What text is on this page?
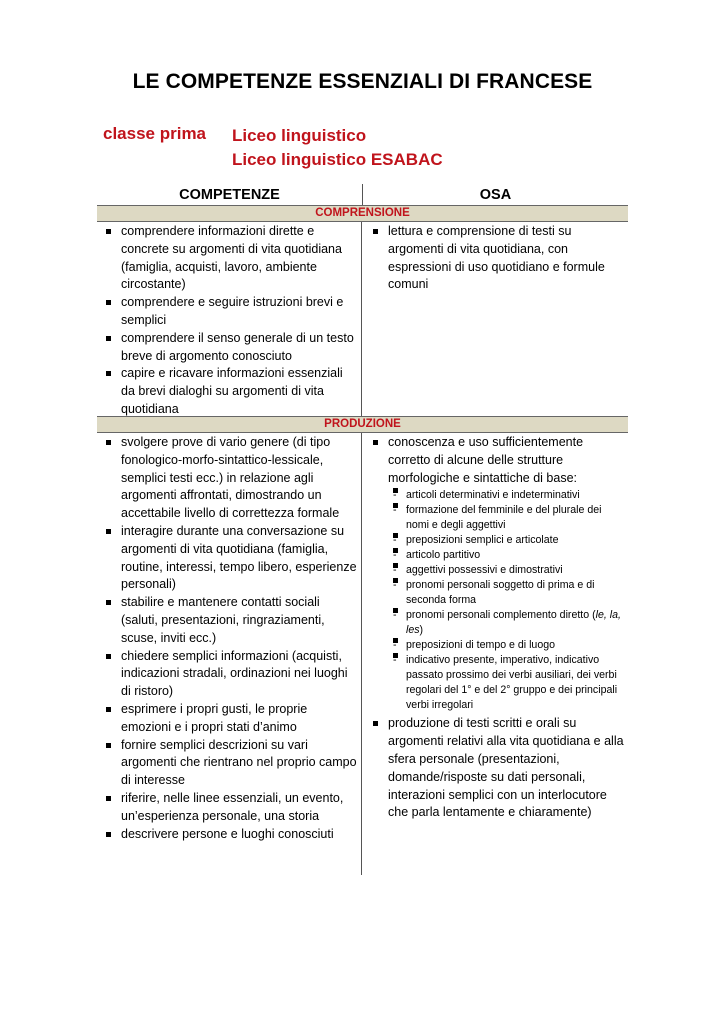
LE COMPETENZE ESSENZIALI DI FRANCESE
classe prima Liceo linguistico
Liceo linguistico ESABAC
COMPETENZE	OSA
COMPRENSIONE
comprendere informazioni dirette e concrete su argomenti di vita quotidiana (famiglia, acquisti, lavoro, ambiente circostante)
comprendere e seguire istruzioni brevi e semplici
comprendere il senso generale di un testo breve di argomento conosciuto
capire e ricavare informazioni essenziali da brevi dialoghi su argomenti di vita quotidiana
lettura e comprensione di testi su argomenti di vita quotidiana, con espressioni di uso quotidiano e formule comuni
PRODUZIONE
svolgere prove di vario genere (di tipo fonologico-morfo-sintattico-lessicale, semplici testi ecc.) in relazione agli argomenti affrontati, dimostrando un accettabile livello di correttezza formale
interagire durante una conversazione su argomenti di vita quotidiana (famiglia, routine, interessi, tempo libero, esperienze personali)
stabilire e mantenere contatti sociali (saluti, presentazioni, ringraziamenti, scuse, inviti ecc.)
chiedere semplici informazioni (acquisti, indicazioni stradali, ordinazioni nei luoghi di ristoro)
esprimere i propri gusti, le proprie emozioni e i propri stati d’animo
fornire semplici descrizioni su vari argomenti che rientrano nel proprio campo di interesse
riferire, nelle linee essenziali, un evento, un’esperienza personale, una storia
descrivere persone e luoghi conosciuti
conoscenza e uso sufficientemente corretto di alcune delle strutture morfologiche e sintattiche di base:
- articoli determinativi e indeterminativi
- formazione del femminile e del plurale dei nomi e degli aggettivi
- preposizioni semplici e articolate
- articolo partitivo
- aggettivi possessivi e dimostrativi
- pronomi personali soggetto di prima e di seconda forma
- pronomi personali complemento diretto (le, la, les)
- preposizioni di tempo e di luogo
- indicativo presente, imperativo, indicativo passato prossimo dei verbi ausiliari, dei verbi regolari del 1° e del 2° gruppo e dei principali verbi irregolari
produzione di testi scritti e orali su argomenti relativi alla vita quotidiana e alla sfera personale (presentazioni, domande/risposte su dati personali, interazioni semplici con un interlocutore che parla lentamente e chiaramente)
